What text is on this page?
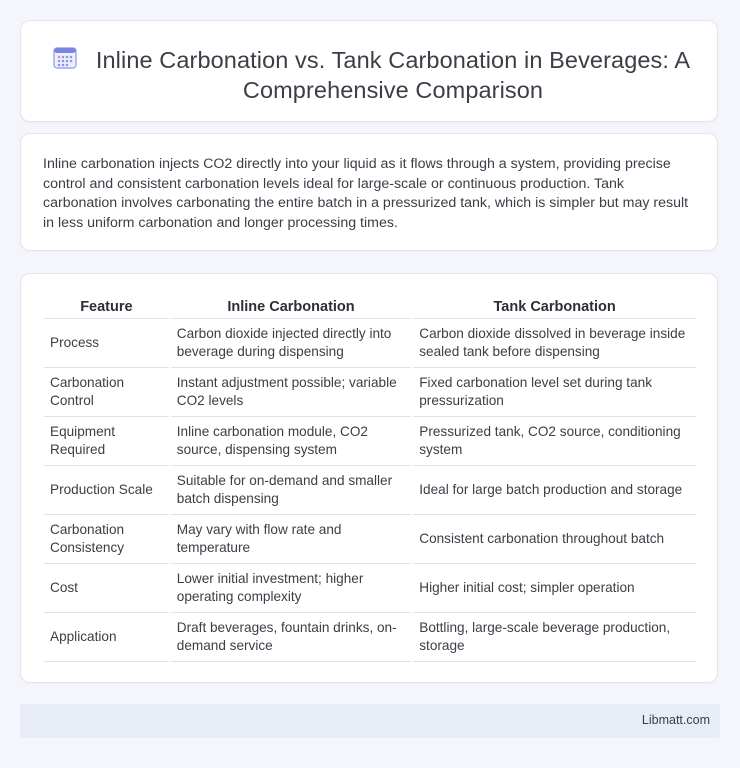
Inline Carbonation vs. Tank Carbonation in Beverages: A
Comprehensive Comparison

Inline carbonation injects CO2 directly into your liquid as it flows through a system, providing precise control and consistent carbonation levels ideal for large-scale or continuous production. Tank carbonation involves carbonating the entire batch in a pressurized tank, which is simpler but may result in less uniform carbonation and longer processing times.

Feature	Inline Carbonation	Tank Carbonation
Process	Carbon dioxide injected directly into beverage during dispensing	Carbon dioxide dissolved in beverage inside sealed tank before dispensing
Carbonation Control	Instant adjustment possible; variable CO2 levels	Fixed carbonation level set during tank pressurization
Equipment Required	Inline carbonation module, CO2 source, dispensing system	Pressurized tank, CO2 source, conditioning system
Production Scale	Suitable for on-demand and smaller batch dispensing	Ideal for large batch production and storage
Carbonation Consistency	May vary with flow rate and temperature	Consistent carbonation throughout batch
Cost	Lower initial investment; higher operating complexity	Higher initial cost; simpler operation
Application	Draft beverages, fountain drinks, on-demand service	Bottling, large-scale beverage production, storage
Libmatt.com
